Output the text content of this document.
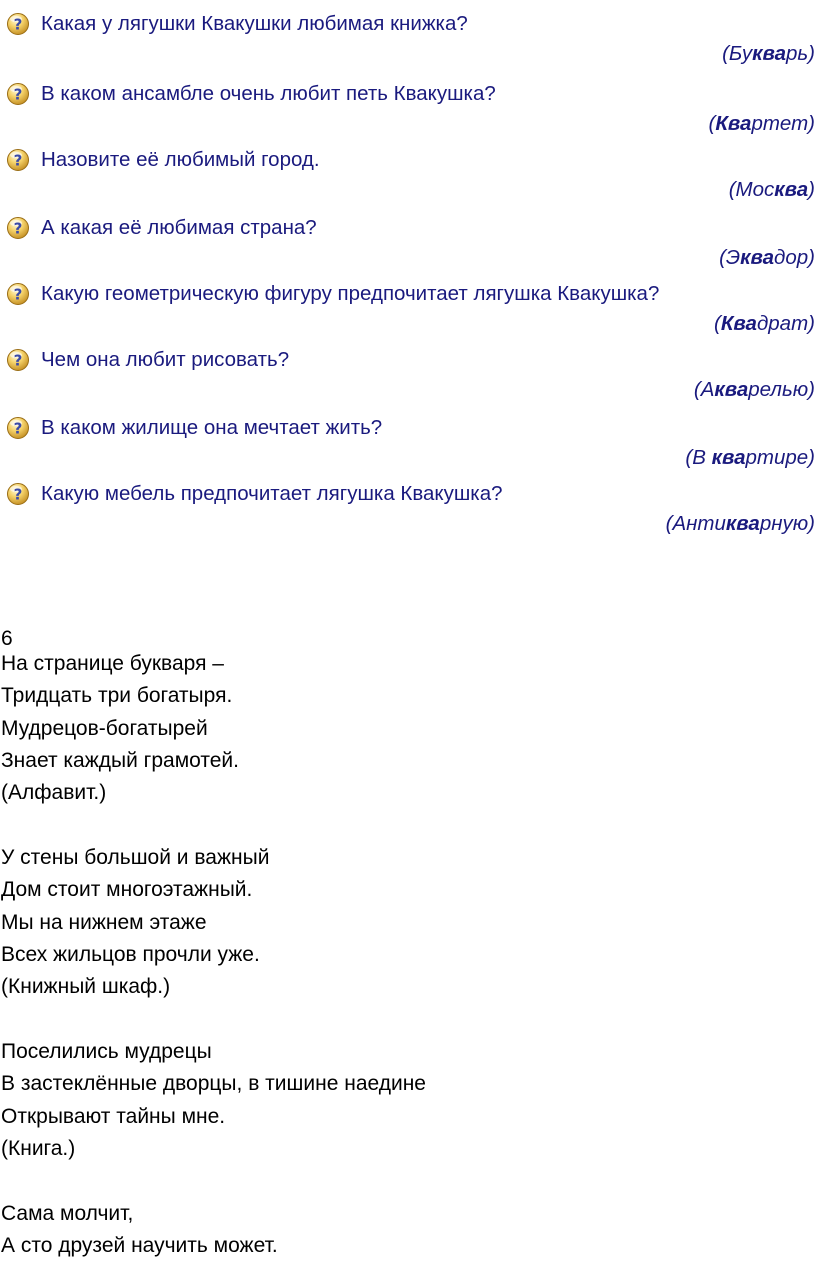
? Какая у лягушки Квакушки любимая книжка?
(Букварь)
? В каком ансамбле очень любит петь Квакушка?
(Квартет)
? Назовите её любимый город.
(Москва)
? А какая её любимая страна?
(Эквадор)
? Какую геометрическую фигуру предпочитает лягушка Квакушка?
(Квадрат)
? Чем она любит рисовать?
(Акварелью)
? В каком жилище она мечтает жить?
(В квартире)
? Какую мебель предпочитает лягушка Квакушка?
(Антикварную)
6
На странице букваря –
Тридцать три богатыря.
Мудрецов-богатырей
Знает каждый грамотей.
(Алфавит.)
У стены большой и важный
Дом стоит многоэтажный.
Мы на нижнем этаже
Всех жильцов прочли уже.
(Книжный шкаф.)
Поселились мудрецы
В застеклённые дворцы, в тишине наедине
Открывают тайны мне.
(Книга.)
Сама молчит,
А сто друзей научить может.
